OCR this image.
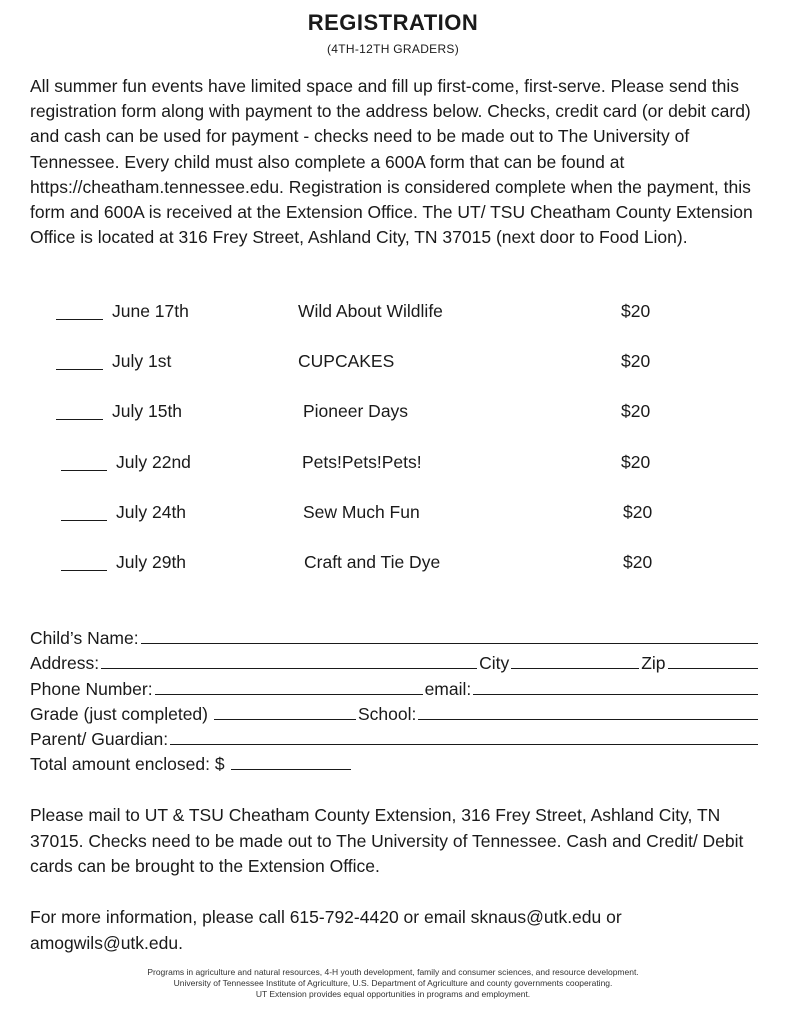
REGISTRATION
(4TH-12TH GRADERS)
All summer fun events have limited space and fill up first-come, first-serve. Please send this registration form along with payment to the address below. Checks, credit card (or debit card) and cash can be used for payment - checks need to be made out to The University of Tennessee. Every child must also complete a 600A form that can be found at https://cheatham.tennessee.edu. Registration is considered complete when the payment, this form and 600A is received at the Extension Office. The UT/ TSU Cheatham County Extension Office is located at 316 Frey Street, Ashland City, TN 37015 (next door to Food Lion).
June 17th	Wild About Wildlife	$20
July 1st	CUPCAKES	$20
July 15th	Pioneer Days	$20
July 22nd	Pets!Pets!Pets!	$20
July 24th	Sew Much Fun	$20
July 29th	Craft and Tie Dye	$20
Child’s Name:
Address:	City	Zip
Phone Number:	email:
Grade (just completed)	School:
Parent/ Guardian:
Total amount enclosed: $
Please mail to UT & TSU Cheatham County Extension, 316 Frey Street, Ashland City, TN 37015. Checks need to be made out to The University of Tennessee. Cash and Credit/ Debit cards can be brought to the Extension Office.
For more information, please call 615-792-4420 or email sknaus@utk.edu or amogwils@utk.edu.
Programs in agriculture and natural resources, 4-H youth development, family and consumer sciences, and resource development.
University of Tennessee Institute of Agriculture, U.S. Department of Agriculture and county governments cooperating.
UT Extension provides equal opportunities in programs and employment.
